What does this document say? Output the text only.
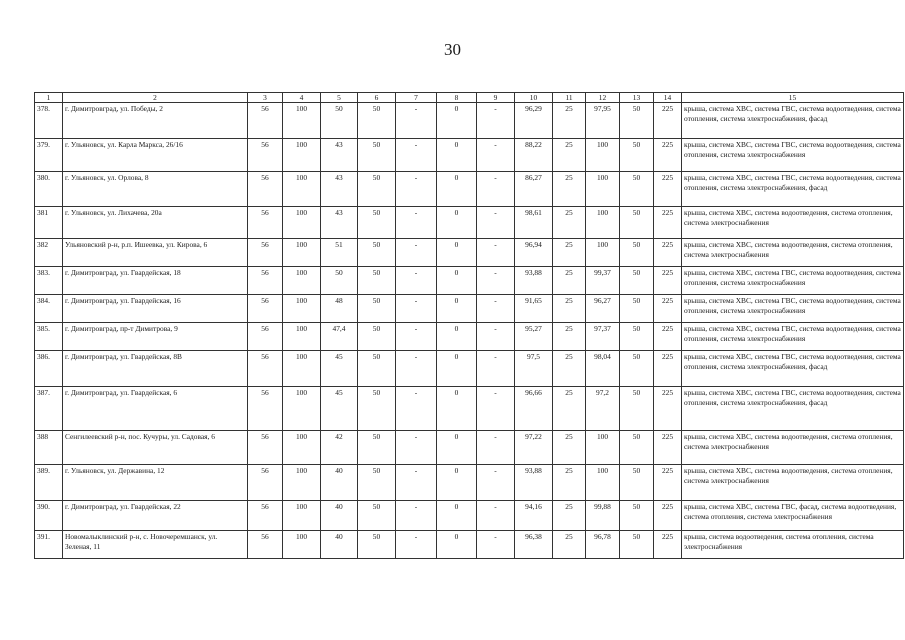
30
1	2	3	4	5	6	7	8	9	10	11	12	13	14	15
378.	г. Димитровград, ул. Победы, 2	56	100	50	50	-	0	-	96,29	25	97,95	50	225	крыша, система ХВС, система ГВС, система водоотведения, система отопления, система электроснабжения, фасад
379.	г. Ульяновск, ул. Карла Маркса, 26/16	56	100	43	50	-	0	-	88,22	25	100	50	225	крыша, система ХВС, система ГВС, система водоотведения, система отопления, система электроснабжения
380.	г. Ульяновск, ул. Орлова, 8	56	100	43	50	-	0	-	86,27	25	100	50	225	крыша, система ХВС, система ГВС, система водоотведения, система отопления, система электроснабжения, фасад
381	г. Ульяновск, ул. Лихачева, 20а	56	100	43	50	-	0	-	98,61	25	100	50	225	крыша, система ХВС, система водоотведения, система отопления, система электроснабжения
382	Ульяновский р-н, р.п. Ишеевка, ул. Кирова, 6	56	100	51	50	-	0	-	96,94	25	100	50	225	крыша, система ХВС, система водоотведения, система отопления, система электроснабжения
383.	г. Димитровград, ул. Гвардейская, 18	56	100	50	50	-	0	-	93,88	25	99,37	50	225	крыша, система ХВС, система ГВС, система водоотведения, система отопления, система электроснабжения
384.	г. Димитровград, ул. Гвардейская, 16	56	100	48	50	-	0	-	91,65	25	96,27	50	225	крыша, система ХВС, система ГВС, система водоотведения, система отопления, система электроснабжения
385.	г. Димитровград, пр-т Димитрова, 9	56	100	47,4	50	-	0	-	95,27	25	97,37	50	225	крыша, система ХВС, система ГВС, система водоотведения, система отопления, система электроснабжения
386.	г. Димитровград, ул. Гвардейская, 8В	56	100	45	50	-	0	-	97,5	25	98,04	50	225	крыша, система ХВС, система ГВС, система водоотведения, система отопления, система электроснабжения, фасад
387.	г. Димитровград, ул. Гвардейская, 6	56	100	45	50	-	0	-	96,66	25	97,2	50	225	крыша, система ХВС, система ГВС, система водоотведения, система отопления, система электроснабжения, фасад
388	Сенгилеевский р-н, пос. Кучуры, ул. Садовая, 6	56	100	42	50	-	0	-	97,22	25	100	50	225	крыша, система ХВС, система водоотведения, система отопления, система электроснабжения
389.	г. Ульяновск, ул. Державина, 12	56	100	40	50	-	0	-	93,88	25	100	50	225	крыша, система ХВС, система водоотведения, система отопления, система электроснабжения
390.	г. Димитровград, ул. Гвардейская, 22	56	100	40	50	-	0	-	94,16	25	99,88	50	225	крыша, система ХВС, система ГВС, фасад, система водоотведения, система отопления, система электроснабжения
391.	Новомалыклинский р-н, с. Новочеремшанск, ул. Зеленая, 11	56	100	40	50	-	0	-	96,38	25	96,78	50	225	крыша, система водоотведения, система отопления, система электроснабжения
